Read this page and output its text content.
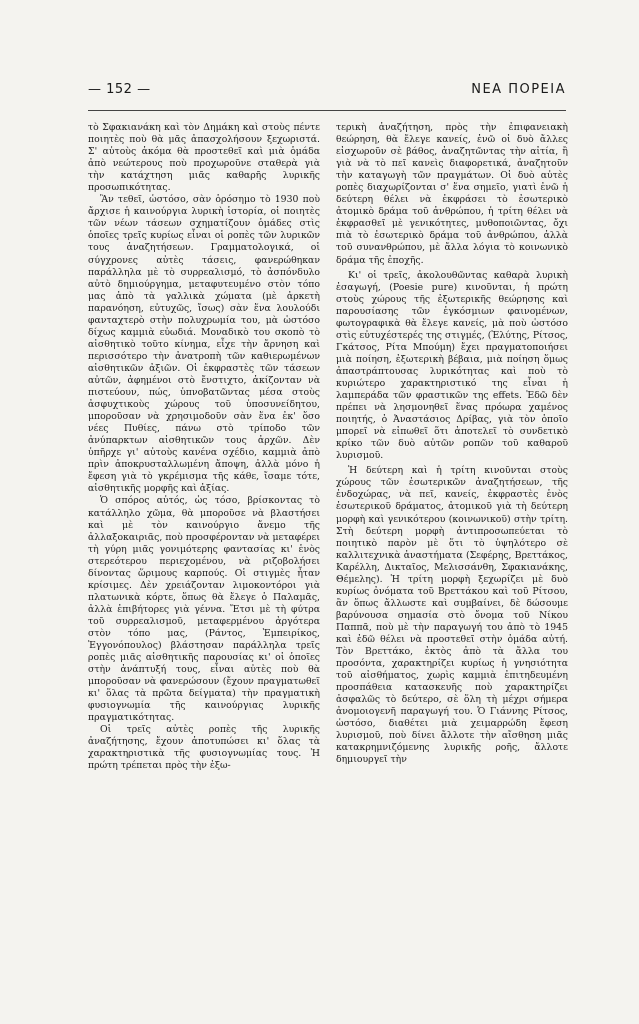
— 152 —	ΝΕΑ ΠΟΡΕΙΑ

τὸ Σφακιανάκη καὶ τὸν Δημάκη καὶ στοὺς πέντε ποιητὲς ποὺ θὰ μᾶς ἀπασχολήσουν ξεχωριστά. Σ' αὐτοὺς ἀκόμα θὰ προστεθεῖ καὶ μιὰ ὁμάδα ἀπὸ νεώτερους ποὺ προχωροῦνε σταθερὰ γιὰ τὴν κατάχτηση μιᾶς καθαρῆς λυρικῆς προσωπικότητας.

Ἂν τεθεῖ, ὡστόσο, σὰν ὁρόσημο τὸ 1930 ποὺ ἄρχισε ἡ καινούργια λυρικὴ ἱστορία, οἱ ποιητὲς τῶν νέων τάσεων σχηματίζουν ὁμάδες στὶς ὁποῖες τρεῖς κυρίως εἶναι οἱ ροπὲς τῶν λυρικῶν τους ἀναζητήσεων. Γραμματολογικά, οἱ σύγχρονες αὐτὲς τάσεις, φανερώθηκαν παράλληλα μὲ τὸ συρρεαλισμό, τὸ ἀσπόνδυλο αὐτὸ δημιούργημα, μεταφυτευμένο στὸν τόπο μας ἀπὸ τὰ γαλλικὰ χώματα (μὲ ἀρκετὴ παρανόηση, εὐτυχῶς, ἴσως) σὰν ἕνα λουλούδι φανταχτερὸ στὴν πολυχρωμία του, μὰ ὡστόσο δίχως καμμιὰ εὐωδιά. Μοναδικὸ του σκοπὸ τὸ αἰσθητικὸ τοῦτο κίνημα, εἶχε τὴν ἄρνηση καὶ περισσότερο τὴν ἀνατροπὴ τῶν καθιερωμένων αἰσθητικῶν ἀξιῶν. Οἱ ἐκφραστὲς τῶν τάσεων αὐτῶν, ἀφημένοι στὸ ἔνστιχτο, ἀκίζονταν νὰ πιστεύουν, πώς, ὑπνοβατῶντας μέσα στοὺς ἀσφυχτικοὺς χώρους τοῦ ὑποσυνείδητου, μποροῦσαν νὰ χρησιμοδοῦν σὰν ἕνα ἐκ' ὅσο νέες Πυθίες, πάνω στὸ τρίποδο τῶν ἀνύπαρκτων αἰσθητικῶν τους ἀρχῶν. Δὲν ὑπῆρχε γι' αὐτοὺς κανένα σχέδιο, καμμιὰ ἀπὸ πρὶν ἀποκρυσταλλωμένη ἄποψη, ἀλλὰ μόνο ἡ ἔφεση γιὰ τὸ γκρέμισμα τῆς κάθε, ἴσαμε τότε, αἰσθητικῆς μορφῆς καὶ ἀξίας.

Ὁ σπόρος αὐτός, ὡς τόσο, βρίσκοντας τὸ κατάλληλο χῶμα, θὰ μποροῦσε νὰ βλαστήσει καὶ μὲ τὸν καινούργιο ἄνεμο τῆς ἀλλαξοκαιριᾶς, ποὺ προσφέρονταν νὰ μεταφέρει τὴ γύρη μιᾶς γονιμότερης φαντασίας κι' ἑνὸς στερεότερου περιεχομένου, νὰ ριζοβολήσει δίνοντας ὥριμους καρπούς. Οἱ στιγμὲς ἦταν κρίσιμες. Δὲν χρειάζονταν λιμοκοντόροι γιὰ πλατωνικὰ κόρτε, ὅπως θὰ ἔλεγε ὁ Παλαμᾶς, ἀλλὰ ἐπιβήτορες γιὰ γέννα. Ἔτσι μὲ τὴ φύτρα τοῦ συρρεαλισμοῦ, μεταφερμένου ἀργότερα στὸν τόπο μας, (Ράντος, Ἐμπειρίκος, Ἐγγονόπουλος) βλάστησαν παράλληλα τρεῖς ροπὲς μιᾶς αἰσθητικῆς παρουσίας κι' οἱ ὁποῖες στὴν ἀνάπτυξή τους, εἶναι αὐτὲς ποὺ θὰ μποροῦσαν νὰ φανερώσουν (ἔχουν πραγματωθεῖ κι' ὅλας τὰ πρῶτα δείγματα) τὴν πραγματικὴ φυσιογνωμία τῆς καινούργιας λυρικῆς πραγματικότητας.

Οἱ τρεῖς αὐτὲς ροπὲς τῆς λυρικῆς ἀναζήτησης, ἔχουν ἀποτυπώσει κι' ὅλας τὰ χαρακτηριστικὰ τῆς φυσιογνωμίας τους. Ἡ πρώτη τρέπεται πρὸς τὴν ἐξω-

τερικὴ ἀναζήτηση, πρὸς τὴν ἐπιφανειακὴ θεώρηση, θὰ ἔλεγε κανείς, ἐνῶ οἱ δυὸ ἄλλες εἰσχωροῦν σὲ βάθος, ἀναζητῶντας τὴν αἰτία, ἢ γιὰ νὰ τὸ πεῖ κανεὶς διαφορετικά, ἀναζητοῦν τὴν καταγωγὴ τῶν πραγμάτων. Οἱ δυὸ αὐτὲς ροπὲς διαχωρίζονται σ' ἕνα σημεῖο, γιατὶ ἐνῶ ἡ δεύτερη θέλει νὰ ἐκφράσει τὸ ἐσωτερικὸ ἀτομικὸ δράμα τοῦ ἀνθρώπου, ἡ τρίτη θέλει νὰ ἐκφρασθεῖ μὲ γενικότητες, μυθοποιῶντας, ὄχι πιὰ τὸ ἐσωτερικὸ δράμα τοῦ ἀνθρώπου, ἀλλὰ τοῦ συνανθρώπου, μὲ ἄλλα λόγια τὸ κοινωνικὸ δράμα τῆς ἐποχῆς.

Κι' οἱ τρεῖς, ἀκολουθῶντας καθαρὰ λυρικὴ ἐσαγωγή, (Poesie pure) κινοῦνται, ἡ πρώτη στοὺς χώρους τῆς ἐξωτερικῆς θεώρησης καὶ παρουσίασης τῶν ἐγκόσμιων φαινομένων, φωτογραφικὰ θὰ ἔλεγε κανείς, μὰ ποὺ ὡστόσο στὶς εὐτυχέστερές της στιγμές, (Ἐλύτης, Ρίτσος, Γκάτσος, Ρίτα Μπούμη) ἔχει πραγματοποιήσει μιὰ ποίηση, ἐξωτερικὴ βέβαια, μιὰ ποίηση ὅμως ἀπαστράπτουσας λυρικότητας καὶ ποὺ τὸ κυριώτερο χαρακτηριστικό της εἶναι ἡ λαμπεράδα τῶν φραστικῶν της effets. Ἐδῶ δὲν πρέπει νὰ λησμονηθεῖ ἕνας πρόωρα χαμένος ποιητής, ὁ Ἀναστάσιος Δρίβας, γιὰ τὸν ὁποῖο μπορεῖ νὰ εἰπωθεῖ ὅτι ἀποτελεῖ τὸ συνδετικὸ κρίκο τῶν δυὸ αὐτῶν ροπῶν τοῦ καθαροῦ λυρισμοῦ.

Ἡ δεύτερη καὶ ἡ τρίτη κινοῦνται στοὺς χώρους τῶν ἐσωτερικῶν ἀναζητήσεων, τῆς ἐνδοχώρας, νὰ πεῖ, κανείς, ἐκφραστὲς ἑνὸς ἐσωτερικοῦ δράματος, ἀτομικοῦ γιὰ τὴ δεύτερη μορφὴ καὶ γενικότερου (κοινωνικοῦ) στὴν τρίτη. Στὴ δεύτερη μορφὴ ἀντιπροσωπεύεται τὸ ποιητικὸ παρὸν μὲ ὅτι τὸ ὑψηλότερο σὲ καλλιτεχνικὰ ἀναστήματα (Σεφέρης, Βρεττάκος, Καρέλλη, Δικταῖος, Μελισσάνθη, Σφακιανάκης, Θέμελης). Ἡ τρίτη μορφὴ ξεχωρίζει μὲ δυὸ κυρίως ὀνόματα τοῦ Βρεττάκου καὶ τοῦ Ρίτσου, ἂν ὅπως ἄλλωστε καὶ συμβαίνει, δὲ δώσουμε βαρύνουσα σημασία στὸ ὄνομα τοῦ Νίκου Παππᾶ, ποὺ μὲ τὴν παραγωγή του ἀπὸ τὸ 1945 καὶ ἐδῶ θέλει νὰ προστεθεῖ στὴν ὁμάδα αὐτή. Τὸν Βρεττάκο, ἐκτὸς ἀπὸ τὰ ἄλλα του προσόντα, χαρακτηρίζει κυρίως ἡ γνησιότητα τοῦ αἰσθήματος, χωρὶς καμμιὰ ἐπιτηδευμένη προσπάθεια κατασκευῆς ποὺ χαρακτηρίζει ἀσφαλῶς τὸ δεύτερο, σὲ ὅλη τὴ μέχρι σήμερα ἀνομοιογενῆ παραγωγή του. Ὁ Γιάννης Ρίτσος, ὡστόσο, διαθέτει μιὰ χειμαρρώδη ἔφεση λυρισμοῦ, ποὺ δίνει ἄλλοτε τὴν αἴσθηση μιᾶς κατακρημνιζόμενης λυρικῆς ροῆς, ἄλλοτε δημιουργεῖ τὴν
